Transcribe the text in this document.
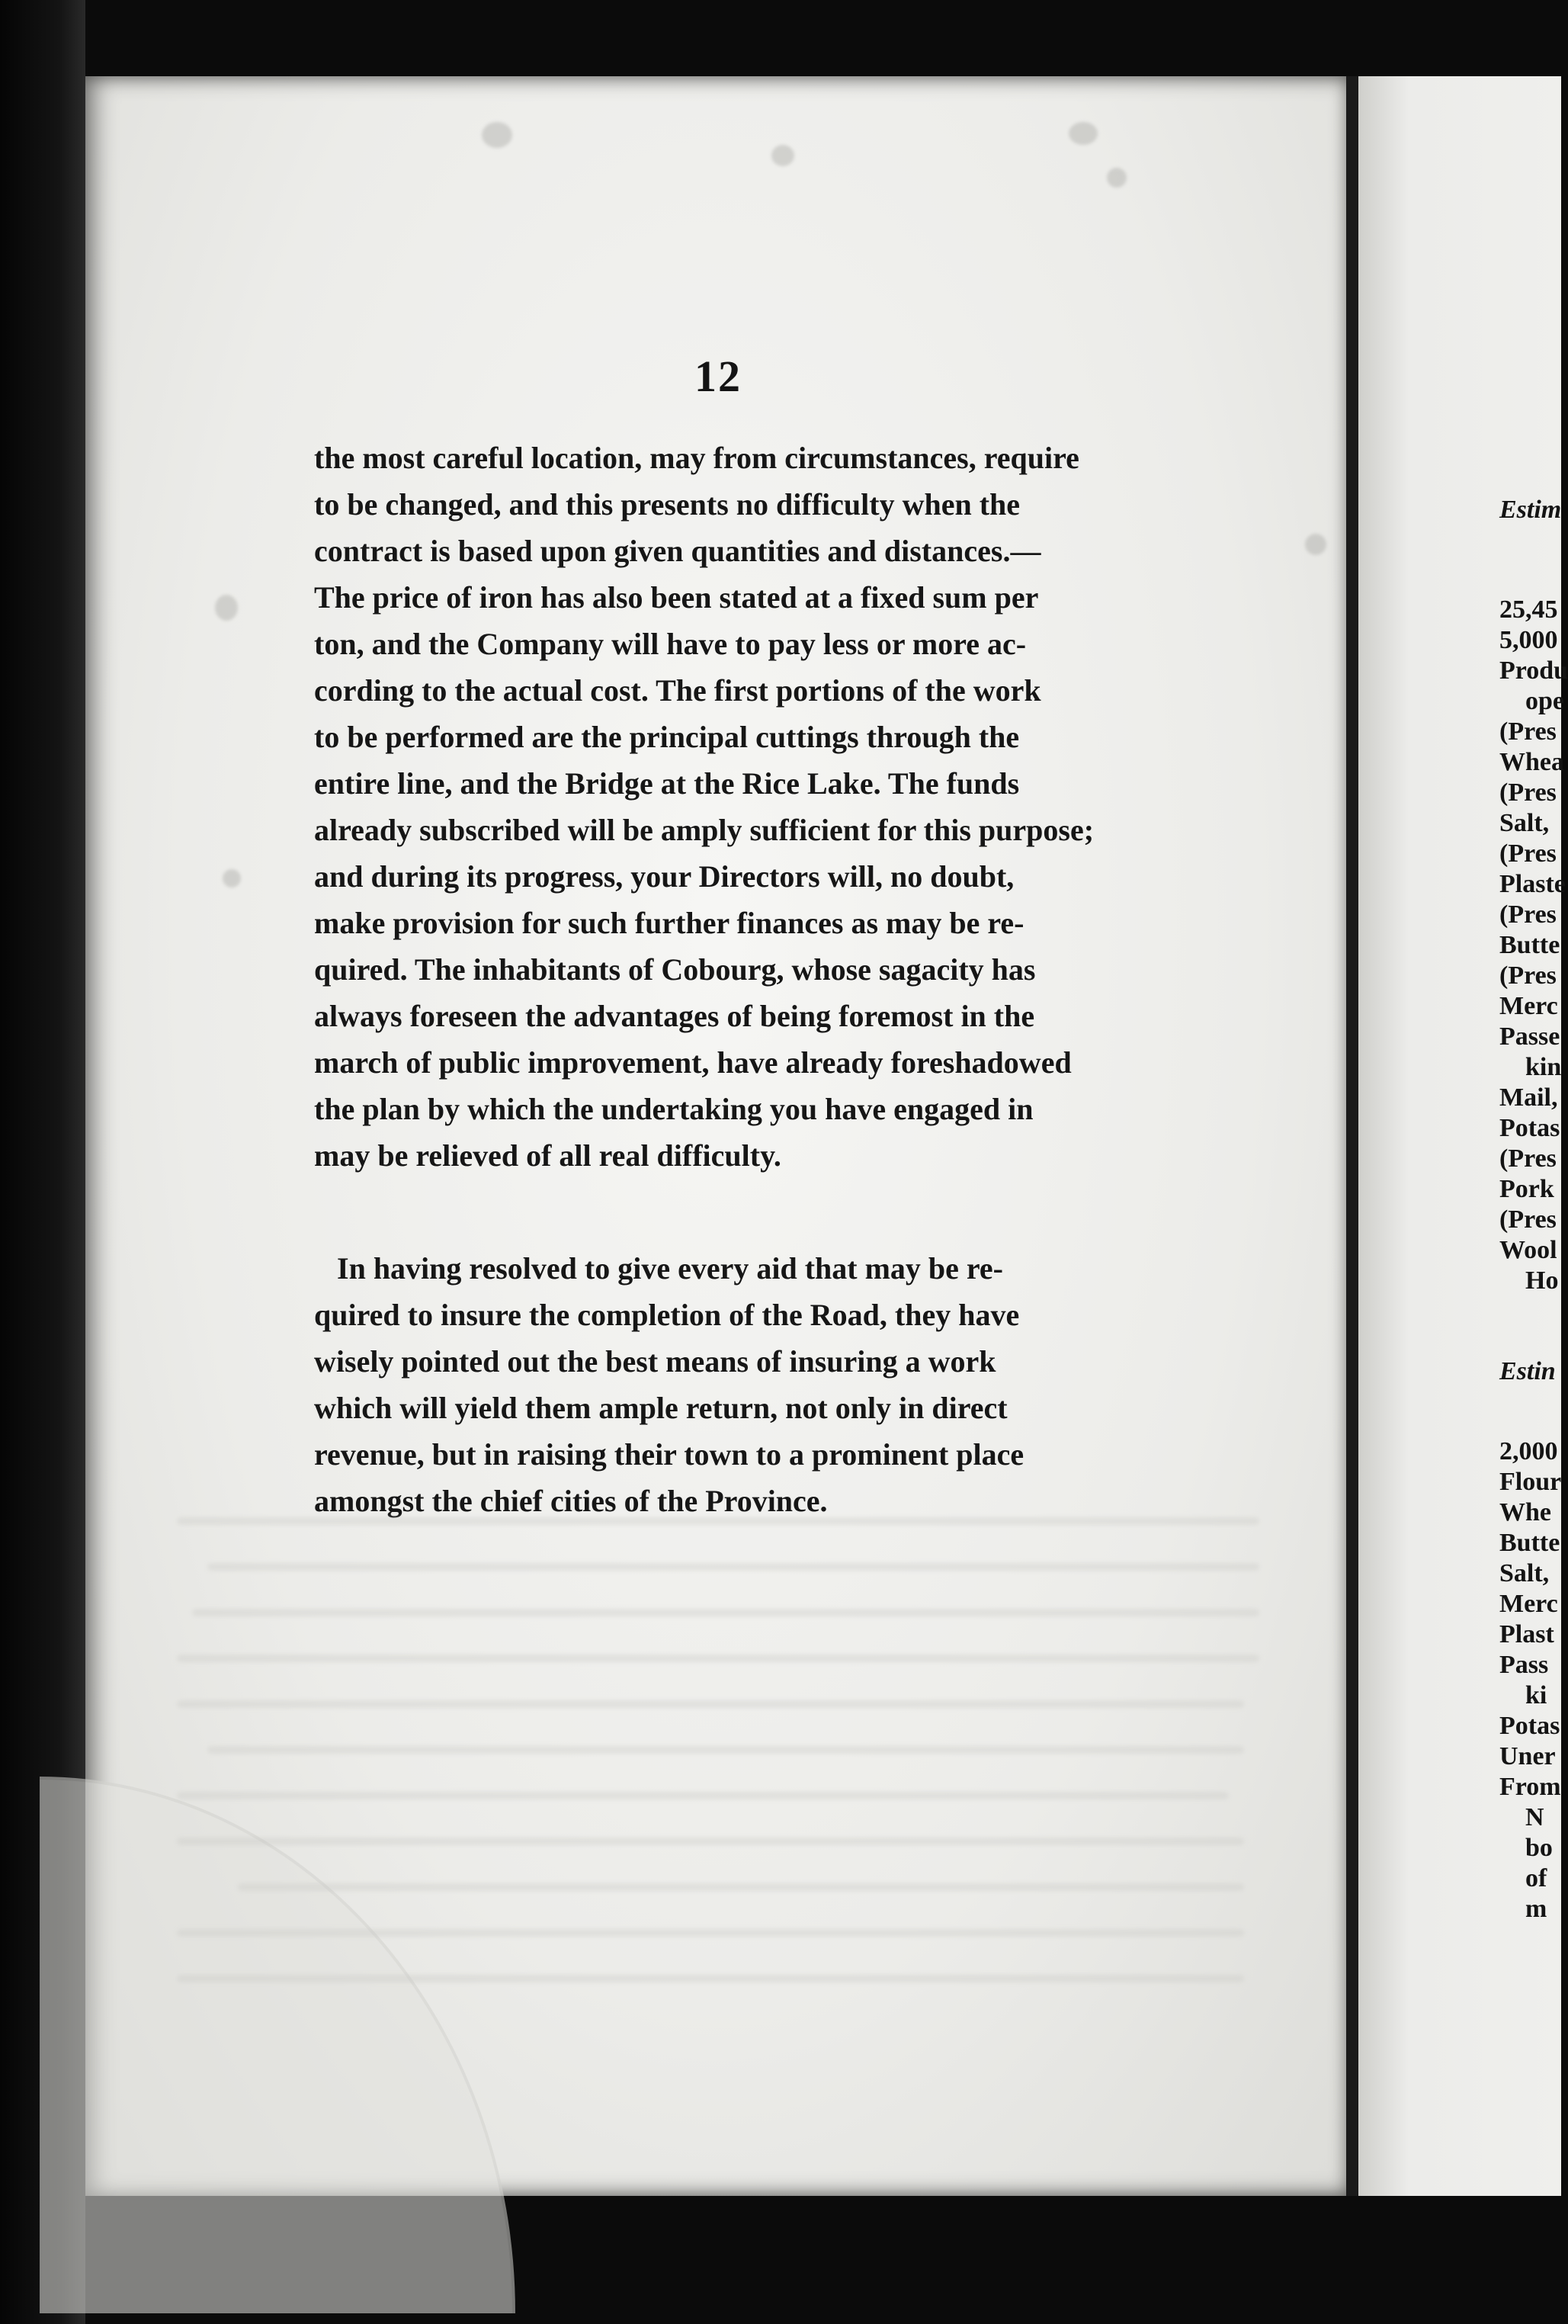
12

the most careful location, may from circumstances, require
to be changed, and this presents no difficulty when the
contract is based upon given quantities and distances.—
The price of iron has also been stated at a fixed sum per
ton, and the Company will have to pay less or more ac-
cording to the actual cost. The first portions of the work
to be performed are the principal cuttings through the
entire line, and the Bridge at the Rice Lake. The funds
already subscribed will be amply sufficient for this purpose;
and during its progress, your Directors will, no doubt,
make provision for such further finances as may be re-
quired. The inhabitants of Cobourg, whose sagacity has
always foreseen the advantages of being foremost in the
march of public improvement, have already foreshadowed
the plan by which the undertaking you have engaged in
may be relieved of all real difficulty.

In having resolved to give every aid that may be re-
quired to insure the completion of the Road, they have
wisely pointed out the best means of insuring a work
which will yield them ample return, not only in direct
revenue, but in raising their town to a prominent place
amongst the chief cities of the Province.

Estim

25,45
5,000
Produ
ope
(Pres
Whea
(Pres
Salt,
(Pres
Plaste
(Pres
Butte
(Pres
Merc
Passe
kin
Mail,
Potas
(Pres
Pork
(Pres
Wool
Ho

Estin

2,000
Flour
Whe
Butte
Salt,
Merc
Plast
Pass
ki
Potas
Uner
From
N
bo
of
m
